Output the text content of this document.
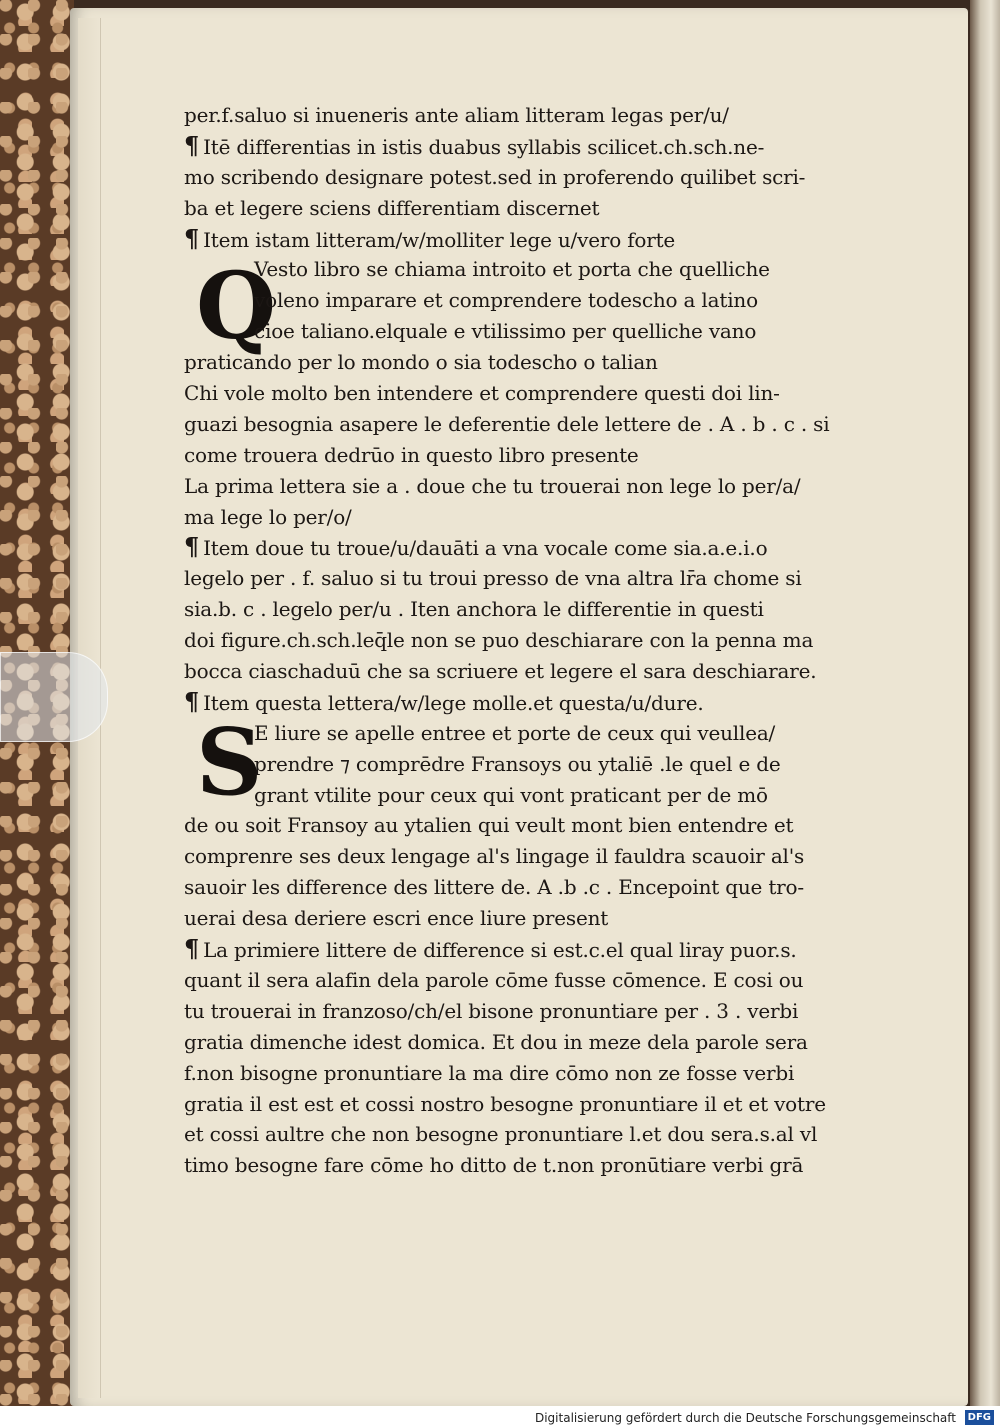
Q
S
per.f.saluo si inueneris ante aliam litteram legas per/u/
¶ Itē differentias in istis duabus syllabis scilicet.ch.sch.ne-
mo scribendo designare potest.sed in proferendo quilibet scri-
ba et legere sciens differentiam discernet
¶ Item istam litteram/w/molliter lege u/vero forte
Vesto libro se chiama introito et porta che quelliche
voleno imparare et comprendere todescho a latino
cioe taliano.elquale e vtilissimo per quelliche vano
praticando per lo mondo o sia todescho o talian
Chi vole molto ben intendere et comprendere questi doi lin-
guazi besognia asapere le deferentie dele lettere de . A . b . c . si
come trouera dedrūo in questo libro presente
La prima lettera sie a . doue che tu trouerai non lege lo per/a/
ma lege lo per/o/
¶ Item doue tu troue/u/dauāti a vna vocale come sia.a.e.i.o
legelo per . f. saluo si tu troui presso de vna altra lr̄a chome si
sia.b. c . legelo per/u . Iten anchora le differentie in questi
doi figure.ch.sch.leq̄le non se puo deschiarare con la penna ma
bocca ciaschaduū che sa scriuere et legere el sara deschiarare.
¶ Item questa lettera/w/lege molle.et questa/u/dure.
E liure se apelle entree et porte de ceux qui veullea/
prendre ⁊ comprēdre Fransoys ou ytaliē .le quel e de
grant vtilite pour ceux qui vont praticant per de mō
de ou soit Fransoy au ytalien qui veult mont bien entendre et
comprenre ses deux lengage al's lingage il fauldra scauoir al's
sauoir les difference des littere de. A .b .c . Encepoint que tro-
uerai desa deriere escri ence liure present
¶ La primiere littere de difference si est.c.el qual liray puor.s.
quant il sera alafin dela parole cōme fusse cōmence. E cosi ou
tu trouerai in franzoso/ch/el bisone pronuntiare per . 3 . verbi
gratia dimenche idest domica. Et dou in meze dela parole sera
f.non bisogne pronuntiare la ma dire cōmo non ze fosse verbi
gratia il est est et cossi nostro besogne pronuntiare il et et votre
et cossi aultre che non besogne pronuntiare l.et dou sera.s.al vl
timo besogne fare cōme ho ditto de t.non pronūtiare verbi grā
Digitalisierung gefördert durch die Deutsche Forschungsgemeinschaft	DFG
